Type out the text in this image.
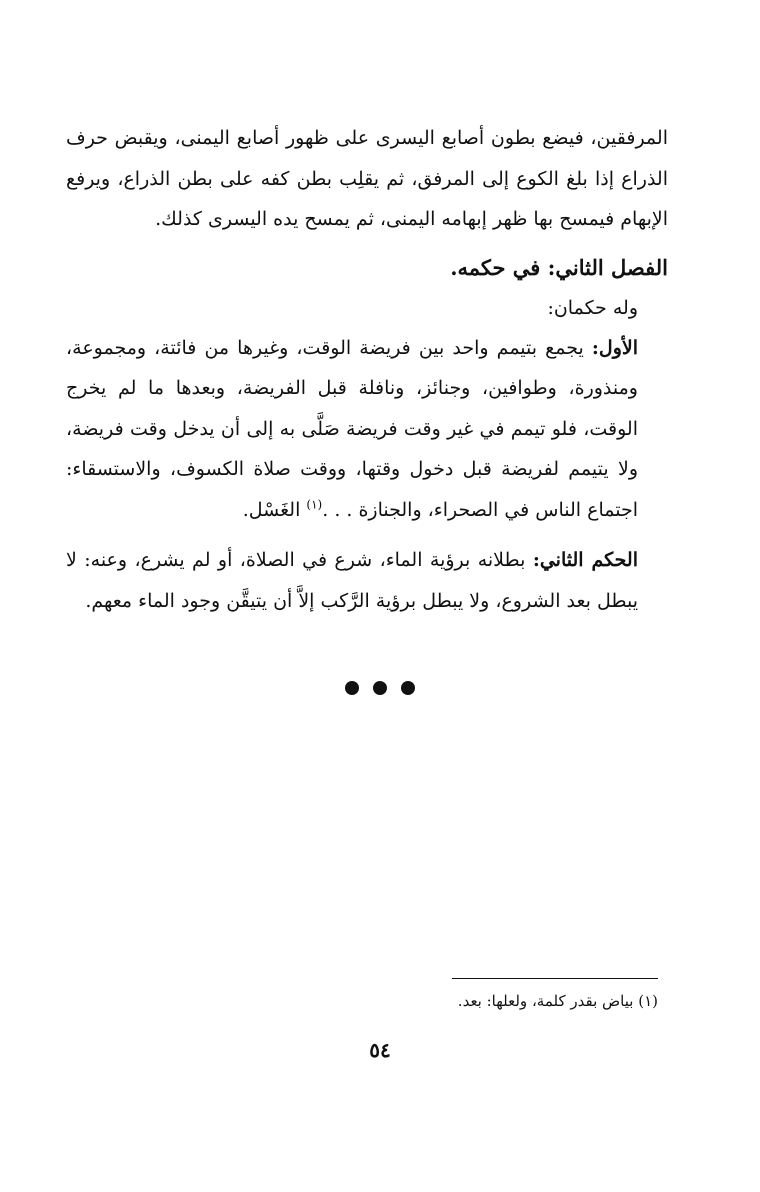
المرفقين، فيضع بطون أصابع اليسرى على ظهور أصابع اليمنى، ويقبض حرف الذراع إذا بلغ الكوع إلى المرفق، ثم يقلِب بطن كفه على بطن الذراع، ويرفع الإبهام فيمسح بها ظهر إبهامه اليمنى، ثم يمسح يده اليسرى كذلك.

الفصل الثاني: في حكمه.

وله حكمان:

الأول: يجمع بتيمم واحد بين فريضة الوقت، وغيرها من فائتة، ومجموعة، ومنذورة، وطوافين، وجنائز، ونافلة قبل الفريضة، وبعدها ما لم يخرج الوقت، فلو تيمم في غير وقت فريضة صَلَّى به إلى أن يدخل وقت فريضة، ولا يتيمم لفريضة قبل دخول وقتها، ووقت صلاة الكسوف، والاستسقاء: اجتماع الناس في الصحراء، والجنازة . . .$^{(١)}$ الغَسْل.

الحكم الثاني: بطلانه برؤية الماء، شرع في الصلاة، أو لم يشرع، وعنه: لا يبطل بعد الشروع، ولا يبطل برؤية الرَّكب إلاَّ أن يتيقَّن وجود الماء معهم.

(١) بياض بقدر كلمة، ولعلها: بعد.
٥٤
